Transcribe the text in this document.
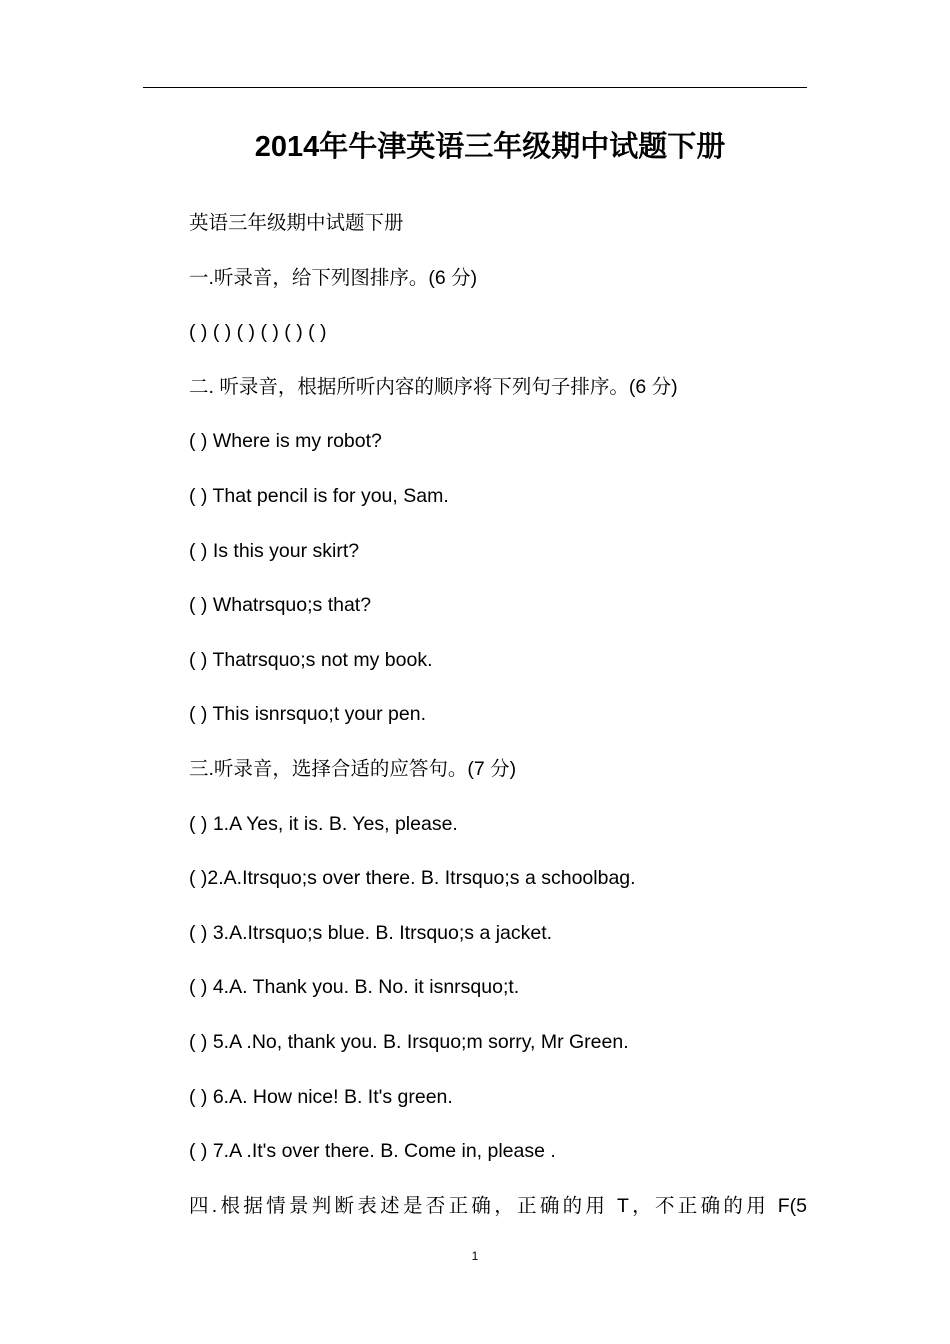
2014年牛津英语三年级期中试题下册
英语三年级期中试题下册
一.听录音，给下列图排序。(6 分)
( ) ( ) ( ) ( ) ( ) ( )
二. 听录音，根据所听内容的顺序将下列句子排序。(6 分)
( ) Where is my robot?
( ) That pencil is for you, Sam.
( ) Is this your skirt?
( ) Whatrsquo;s that?
( ) Thatrsquo;s not my book.
( ) This isnrsquo;t your pen.
三.听录音，选择合适的应答句。(7 分)
( ) 1.A Yes, it is. B. Yes, please.
( )2.A.Itrsquo;s over there. B. Itrsquo;s a schoolbag.
( ) 3.A.Itrsquo;s blue. B. Itrsquo;s a jacket.
( ) 4.A. Thank you. B. No. it isnrsquo;t.
( ) 5.A .No, thank you. B. Irsquo;m sorry, Mr Green.
( ) 6.A. How nice! B. It's green.
( ) 7.A .It's over there. B. Come in, please .
四.根据情景判断表述是否正确，正确的用 T，不正确的用 F(5
1
